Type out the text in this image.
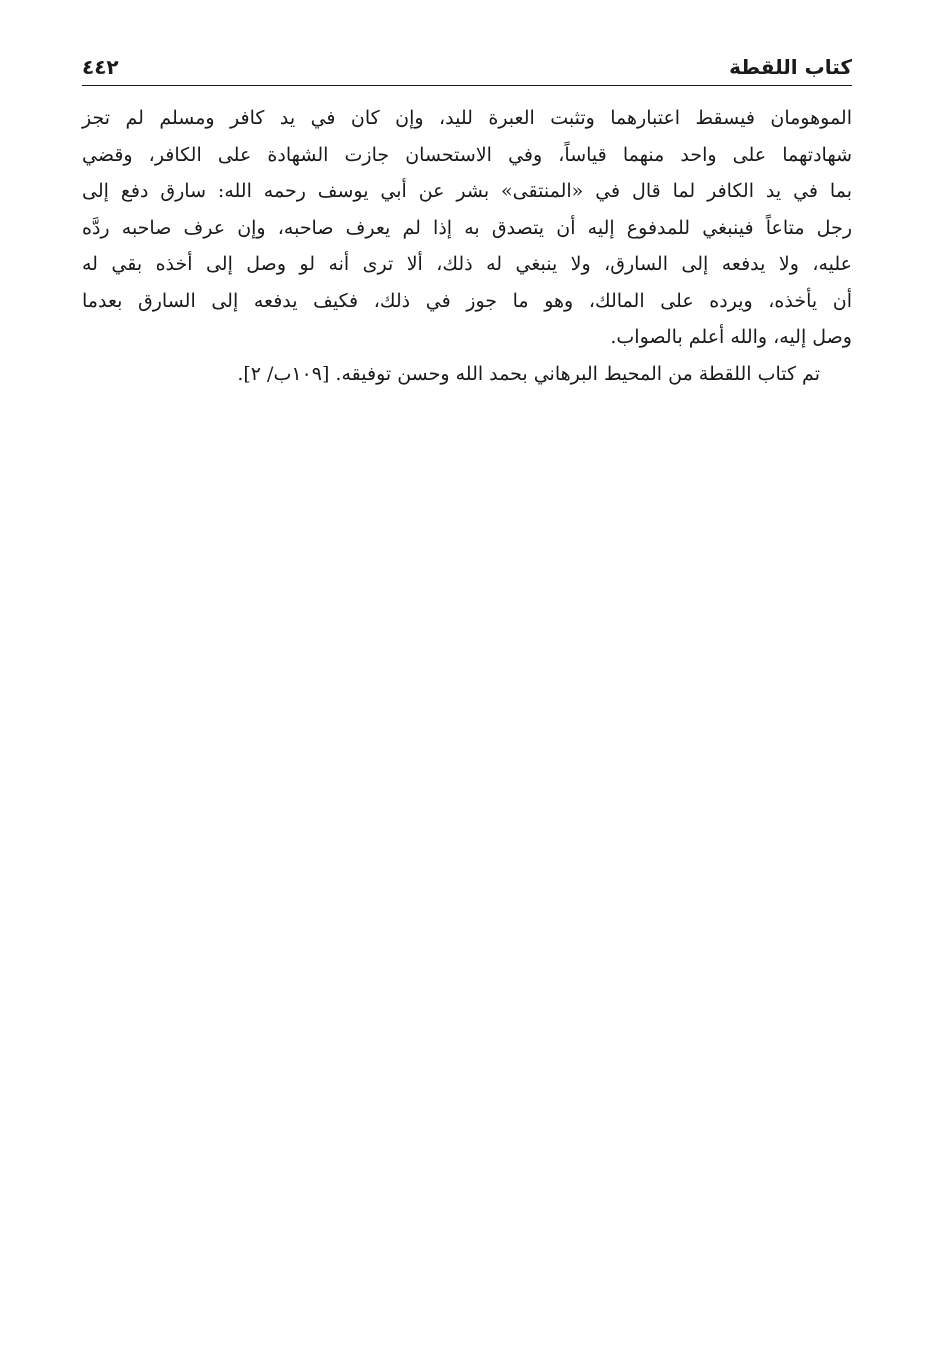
كتاب اللقطة
٤٤٢

الموهومان فيسقط اعتبارهما وتثبت العبرة لليد، وإن كان في يد كافر ومسلم لم تجز
شهادتهما على واحد منهما قياساً، وفي الاستحسان جازت الشهادة على الكافر، وقضي
بما في يد الكافر لما قال في «المنتقى» بشر عن أبي يوسف رحمه الله: سارق دفع إلى
رجل متاعاً فينبغي للمدفوع إليه أن يتصدق به إذا لم يعرف صاحبه، وإن عرف صاحبه ردَّه
عليه، ولا يدفعه إلى السارق، ولا ينبغي له ذلك، ألا ترى أنه لو وصل إلى أخذه بقي له
أن يأخذه، ويرده على المالك، وهو ما جوز في ذلك، فكيف يدفعه إلى السارق بعدما
وصل إليه، والله أعلم بالصواب.

تم كتاب اللقطة من المحيط البرهاني بحمد الله وحسن توفيقه. [١٠٩ب/ ٢].
